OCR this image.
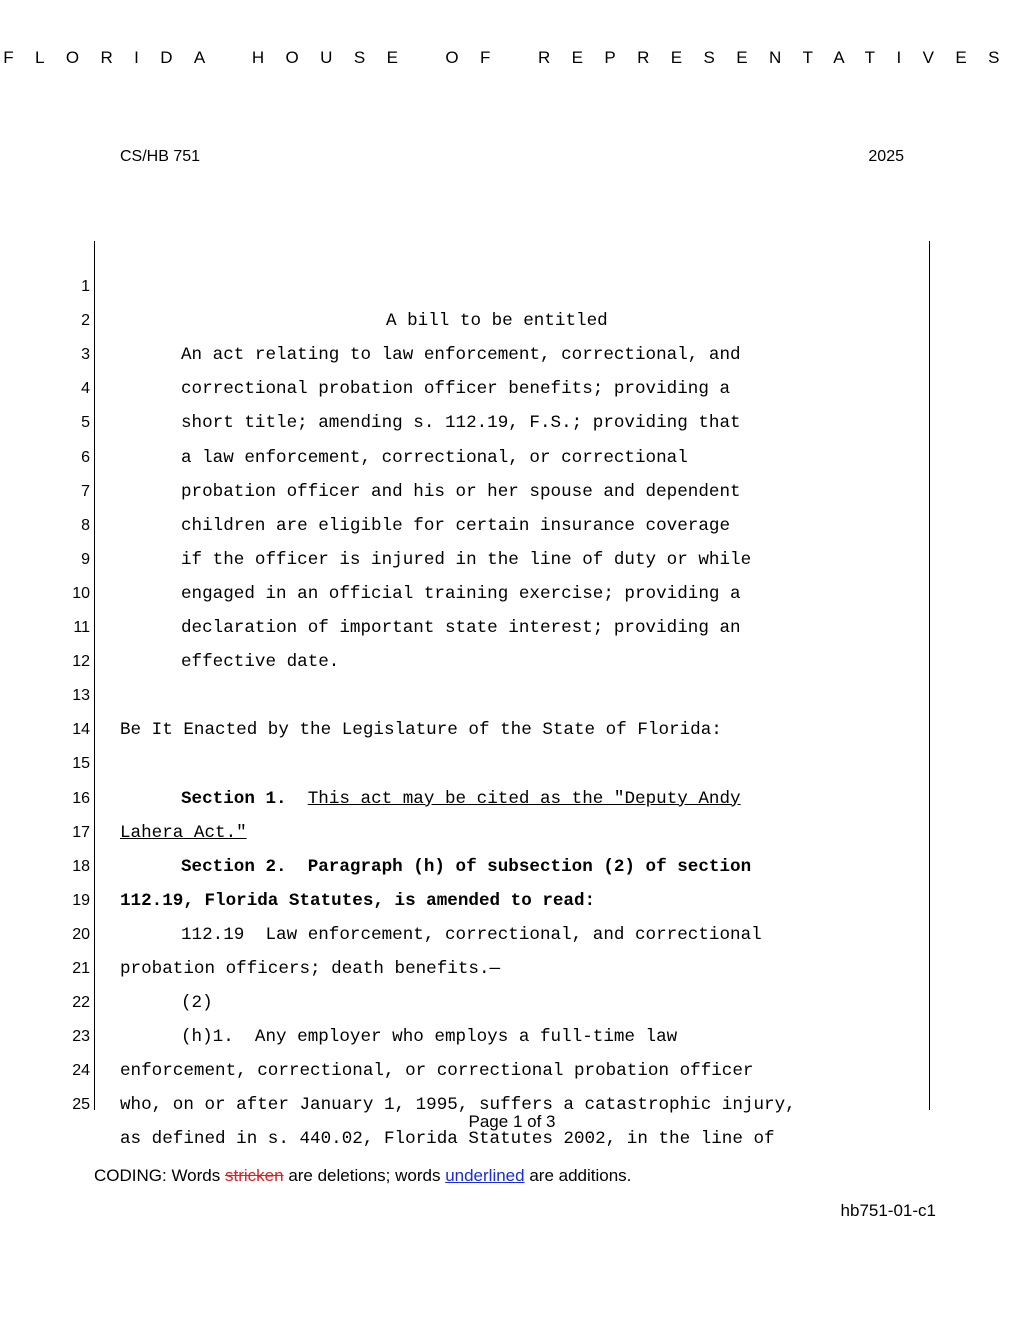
FLORIDA HOUSE OF REPRESENTATIVES
CS/HB 751	2025

1

A bill to be entitled

2

An act relating to law enforcement, correctional, and

3

correctional probation officer benefits; providing a

4

short title; amending s. 112.19, F.S.; providing that

5

a law enforcement, correctional, or correctional

6

probation officer and his or her spouse and dependent

7

children are eligible for certain insurance coverage

8

if the officer is injured in the line of duty or while

9

engaged in an official training exercise; providing a

10

declaration of important state interest; providing an

11

effective date.

12

13

Be It Enacted by the Legislature of the State of Florida:

14

15

Section 1. This act may be cited as the "Deputy Andy

16

Lahera Act."

17

Section 2.  Paragraph (h) of subsection (2) of section

18

112.19, Florida Statutes, is amended to read:

19

112.19  Law enforcement, correctional, and correctional

20

probation officers; death benefits.—

21

(2)

22

(h)1.  Any employer who employs a full-time law

23

enforcement, correctional, or correctional probation officer

24

who, on or after January 1, 1995, suffers a catastrophic injury,

25

as defined in s. 440.02, Florida Statutes 2002, in the line of

Page 1 of 3
CODING: Words stricken are deletions; words underlined are additions.
hb751-01-c1
